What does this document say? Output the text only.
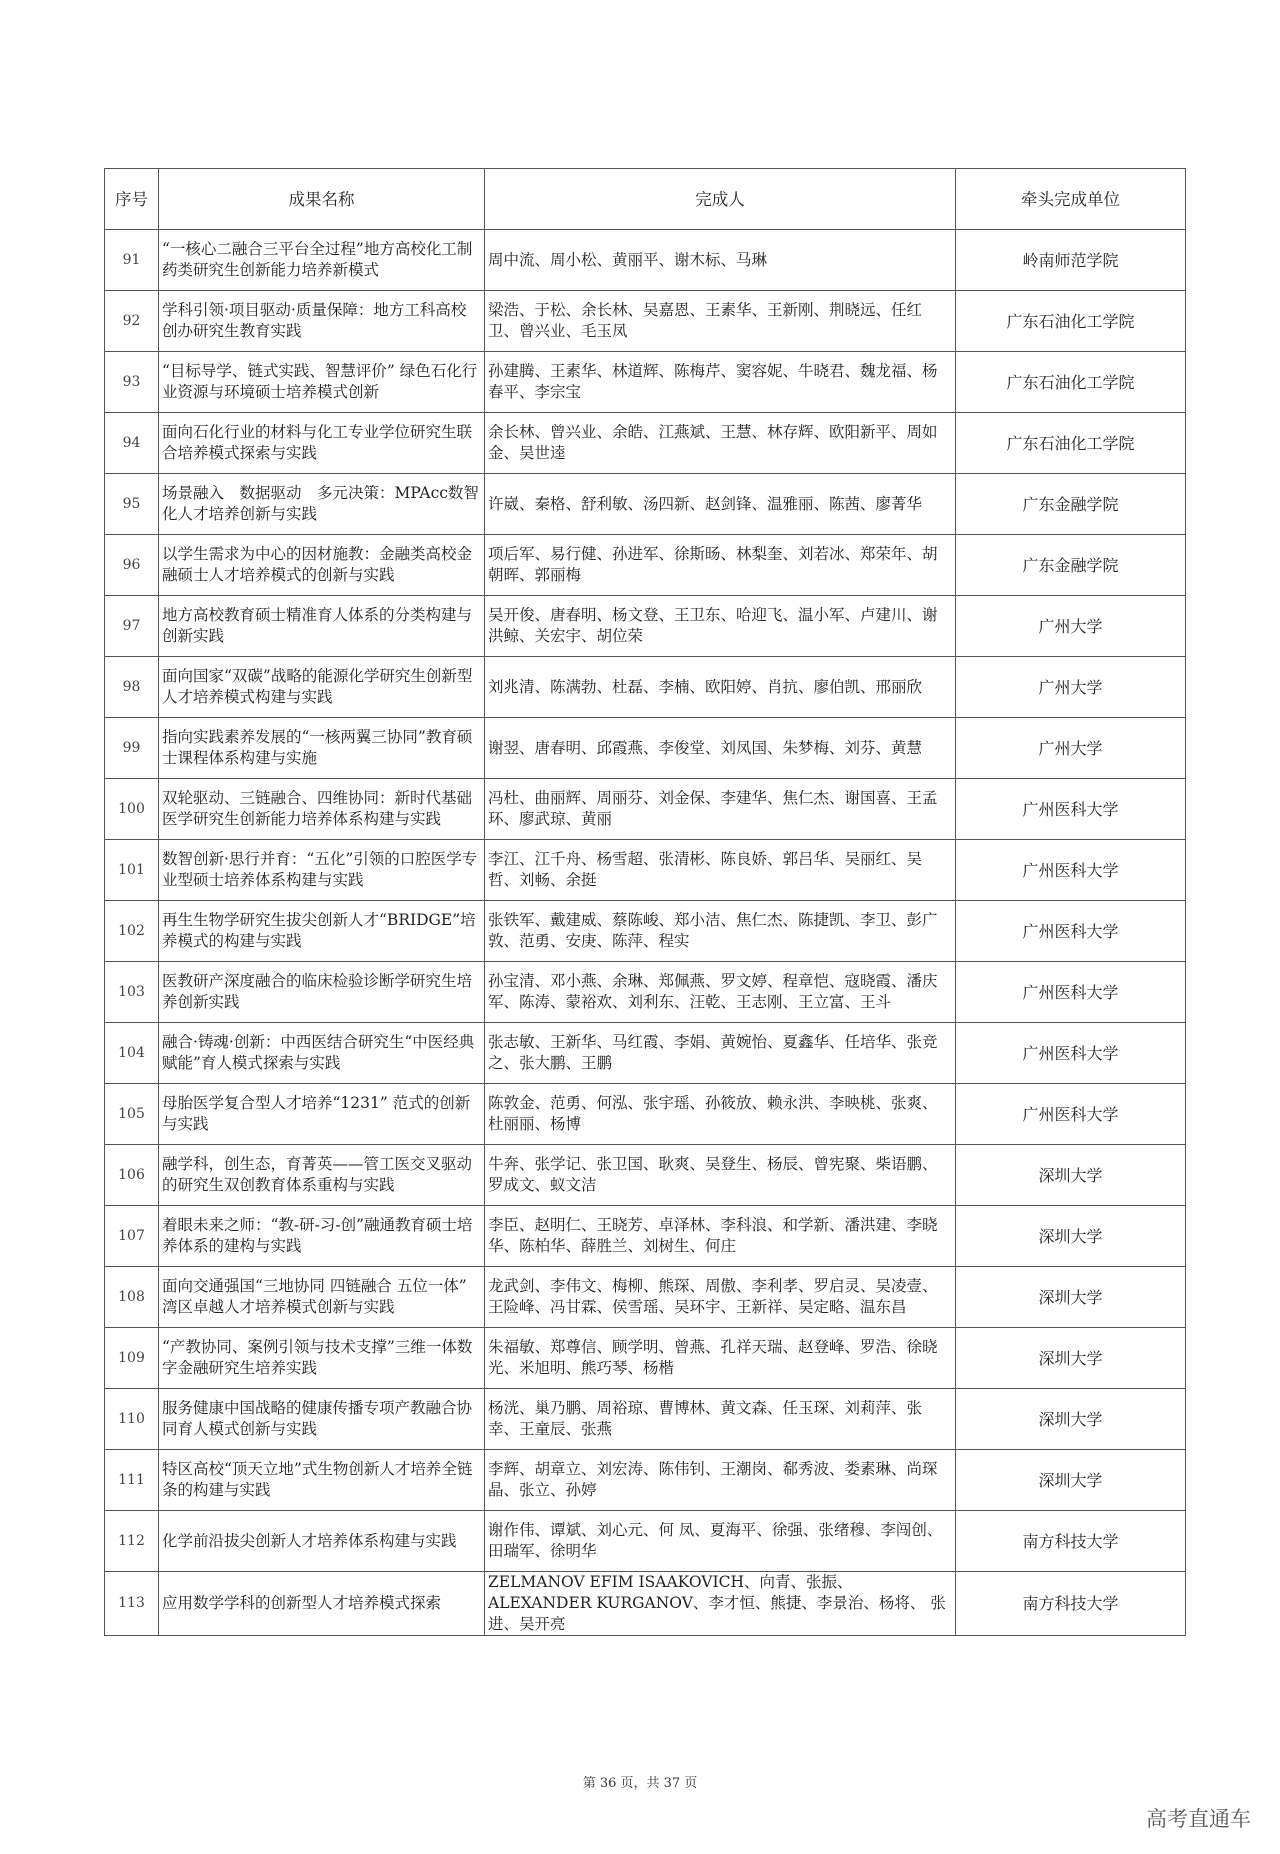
序号	成果名称	完成人	牵头完成单位
91	“一核心二融合三平台全过程”地方高校化工制药类研究生创新能力培养新模式	周中流、周小松、黄丽平、谢木标、马琳	岭南师范学院
92	学科引领·项目驱动·质量保障：地方工科高校创办研究生教育实践	梁浩、于松、余长林、吴嘉恩、王素华、王新刚、荆晓远、任红卫、曾兴业、毛玉凤	广东石油化工学院
93	“目标导学、链式实践、智慧评价” 绿色石化行业资源与环境硕士培养模式创新	孙建腾、王素华、林道辉、陈梅芹、窦容妮、牛晓君、魏龙福、杨春平、李宗宝	广东石油化工学院
94	面向石化行业的材料与化工专业学位研究生联合培养模式探索与实践	余长林、曾兴业、余皓、江燕斌、王慧、林存辉、欧阳新平、周如金、吴世逵	广东石油化工学院
95	场景融入　数据驱动　多元决策：MPAcc数智化人才培养创新与实践	许崴、秦格、舒利敏、汤四新、赵剑锋、温雅丽、陈茜、廖菁华	广东金融学院
96	以学生需求为中心的因材施教：金融类高校金融硕士人才培养模式的创新与实践	项后军、易行健、孙进军、徐斯旸、林梨奎、刘若冰、郑荣年、胡朝晖、郭丽梅	广东金融学院
97	地方高校教育硕士精准育人体系的分类构建与创新实践	吴开俊、唐春明、杨文登、王卫东、哈迎飞、温小军、卢建川、谢洪鲸、关宏宇、胡位荣	广州大学
98	面向国家“双碳”战略的能源化学研究生创新型人才培养模式构建与实践	刘兆清、陈满勃、杜磊、李楠、欧阳婷、肖抗、廖伯凯、邢丽欣	广州大学
99	指向实践素养发展的“一核两翼三协同”教育硕士课程体系构建与实施	谢翌、唐春明、邱霞燕、李俊堂、刘凤国、朱梦梅、刘芬、黄慧	广州大学
100	双轮驱动、三链融合、四维协同：新时代基础医学研究生创新能力培养体系构建与实践	冯杜、曲丽辉、周丽芬、刘金保、李建华、焦仁杰、谢国喜、王孟环、廖武琼、黄丽	广州医科大学
101	数智创新·思行并育：“五化”引领的口腔医学专业型硕士培养体系构建与实践	李江、江千舟、杨雪超、张清彬、陈良娇、郭吕华、吴丽红、吴哲、刘畅、余挺	广州医科大学
102	再生生物学研究生拔尖创新人才“BRIDGE”培养模式的构建与实践	张铁军、戴建威、蔡陈峻、郑小洁、焦仁杰、陈捷凯、李卫、彭广敦、范勇、安庚、陈萍、程实	广州医科大学
103	医教研产深度融合的临床检验诊断学研究生培养创新实践	孙宝清、邓小燕、余琳、郑佩燕、罗文婷、程章恺、寇晓霞、潘庆军、陈涛、蒙裕欢、刘利东、汪乾、王志刚、王立富、王斗	广州医科大学
104	融合·铸魂·创新：中西医结合研究生“中医经典赋能”育人模式探索与实践	张志敏、王新华、马红霞、李娟、黄婉怡、夏鑫华、任培华、张竞之、张大鹏、王鹏	广州医科大学
105	母胎医学复合型人才培养“1231” 范式的创新与实践	陈敦金、范勇、何泓、张宇瑶、孙筱放、赖永洪、李映桃、张爽、杜丽丽、杨博	广州医科大学
106	融学科，创生态，育菁英——管工医交叉驱动的研究生双创教育体系重构与实践	牛奔、张学记、张卫国、耿爽、吴登生、杨辰、曾宪聚、柴语鹏、罗成文、蚁文洁	深圳大学
107	着眼未来之师：“教-研-习-创”融通教育硕士培养体系的建构与实践	李臣、赵明仁、王晓芳、卓泽林、李科浪、和学新、潘洪建、李晓华、陈柏华、薛胜兰、刘树生、何庄	深圳大学
108	面向交通强国“三地协同 四链融合 五位一体” 湾区卓越人才培养模式创新与实践	龙武剑、李伟文、梅柳、熊琛、周傲、李利孝、罗启灵、吴凌壹、王险峰、冯甘霖、侯雪瑶、吴环宇、王新祥、吴定略、温东昌	深圳大学
109	“产教协同、案例引领与技术支撑”三维一体数字金融研究生培养实践	朱福敏、郑尊信、顾学明、曾燕、孔祥天瑞、赵登峰、罗浩、徐晓光、米旭明、熊巧琴、杨楷	深圳大学
110	服务健康中国战略的健康传播专项产教融合协同育人模式创新与实践	杨洸、巢乃鹏、周裕琼、曹博林、黄文森、任玉琛、刘莉萍、张幸、王童辰、张燕	深圳大学
111	特区高校“顶天立地”式生物创新人才培养全链条的构建与实践	李辉、胡章立、刘宏涛、陈伟钊、王潮岗、郗秀波、娄素琳、尚琛晶、张立、孙婷	深圳大学
112	化学前沿拔尖创新人才培养体系构建与实践	谢作伟、谭斌、刘心元、何 凤、夏海平、徐强、张绪穆、李闯创、田瑞军、徐明华	南方科技大学
113	应用数学学科的创新型人才培养模式探索	ZELMANOV EFIM ISAAKOVICH、向青、张振、 ALEXANDER KURGANOV、李才恒、熊捷、李景治、杨将、 张进、吴开亮	南方科技大学
第 36 页，共 37 页
高考直通车
